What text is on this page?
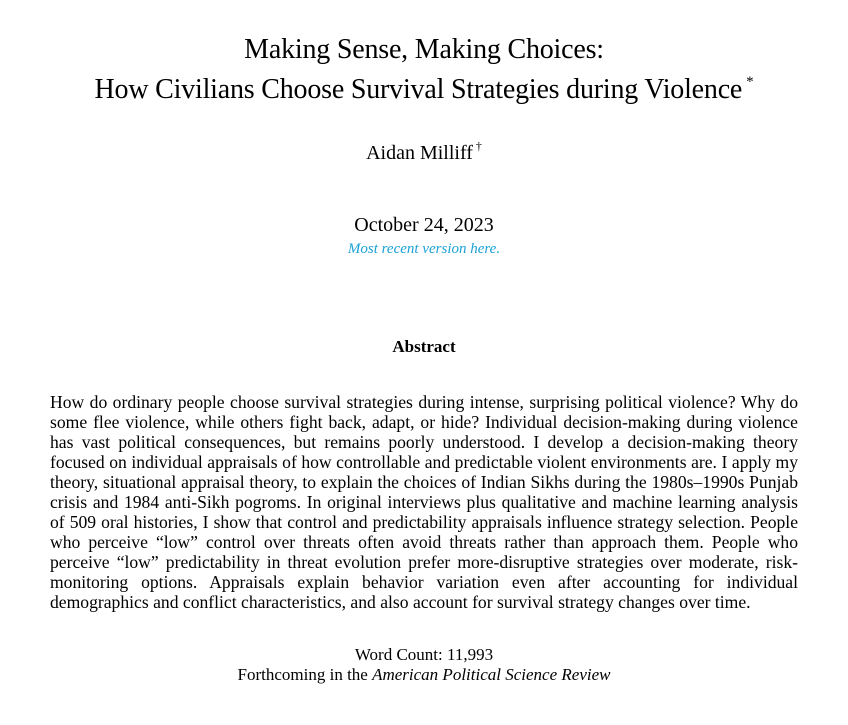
Making Sense, Making Choices:
How Civilians Choose Survival Strategies during Violence *
Aidan Milliff †
October 24, 2023
Most recent version here.
Abstract

How do ordinary people choose survival strategies during intense, surprising political violence? Why do some flee violence, while others fight back, adapt, or hide? Individual decision-making during violence has vast political consequences, but remains poorly understood. I develop a decision-making theory focused on individual appraisals of how controllable and predictable violent environments are. I apply my theory, situational appraisal theory, to explain the choices of Indian Sikhs during the 1980s–1990s Punjab crisis and 1984 anti-Sikh pogroms. In original interviews plus qualitative and machine learning analysis of 509 oral histories, I show that control and predictability appraisals influence strategy selection. People who perceive “low” control over threats often avoid threats rather than approach them. People who perceive “low” predictability in threat evolution prefer more-disruptive strategies over moderate, risk-monitoring options. Appraisals explain behavior variation even after accounting for individual demographics and conflict characteristics, and also account for survival strategy changes over time.

Word Count: 11,993
Forthcoming in the American Political Science Review
